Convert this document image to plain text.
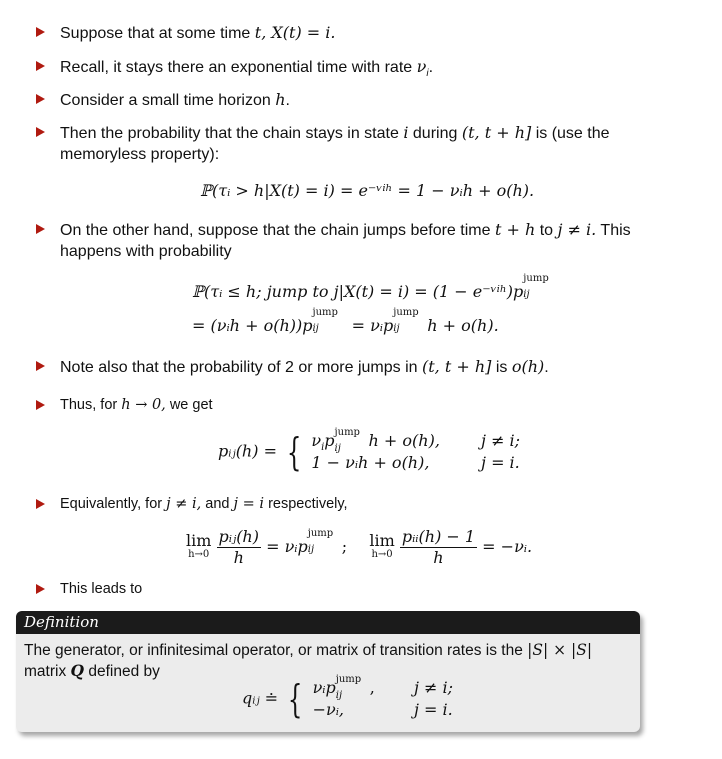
Suppose that at some time t, X(t) = i.
Recall, it stays there an exponential time with rate $\nu_i$.
Consider a small time horizon h.
Then the probability that the chain stays in state i during (t, t + h] is (use the memoryless property):
ℙ(τᵢ > h|X(t) = i) = e⁻ᵛⁱʰ = 1 − νᵢh + o(h).
On the other hand, suppose that the chain jumps before time t + h to j ≠ i. This happens with probability
ℙ(τᵢ ≤ h; jump to j|X(t) = i) = (1 − e⁻ᵛⁱʰ)p
jump
ij
= (νᵢh + o(h))p
jump
ij = νᵢp
jump
ij h + o(h).
Note also that the probability of 2 or more jumps in (t, t + h] is o(h).
Thus, for h → 0, we get
pᵢⱼ(h) = { $\nu_ip$ jump
ij h + o(h),
1 − νᵢh + o(h),

j ≠ i;
j = i.
Equivalently, for j ≠ i, and j = i respectively,
lim
h→0
$\frac{\text{pᵢⱼ(h)}}{h}$ = νᵢp
jump
ij ; lim
h→0
$\frac{\text{pᵢᵢ(h) − 1}}{h}$ = −νᵢ.
This leads to
Definition
The generator, or infinitesimal operator, or matrix of transition rates is the |S| × |S| matrix Q defined by
qᵢⱼ ≐ { νᵢp jump
ij ,
−νᵢ,

j ≠ i;
j = i.
